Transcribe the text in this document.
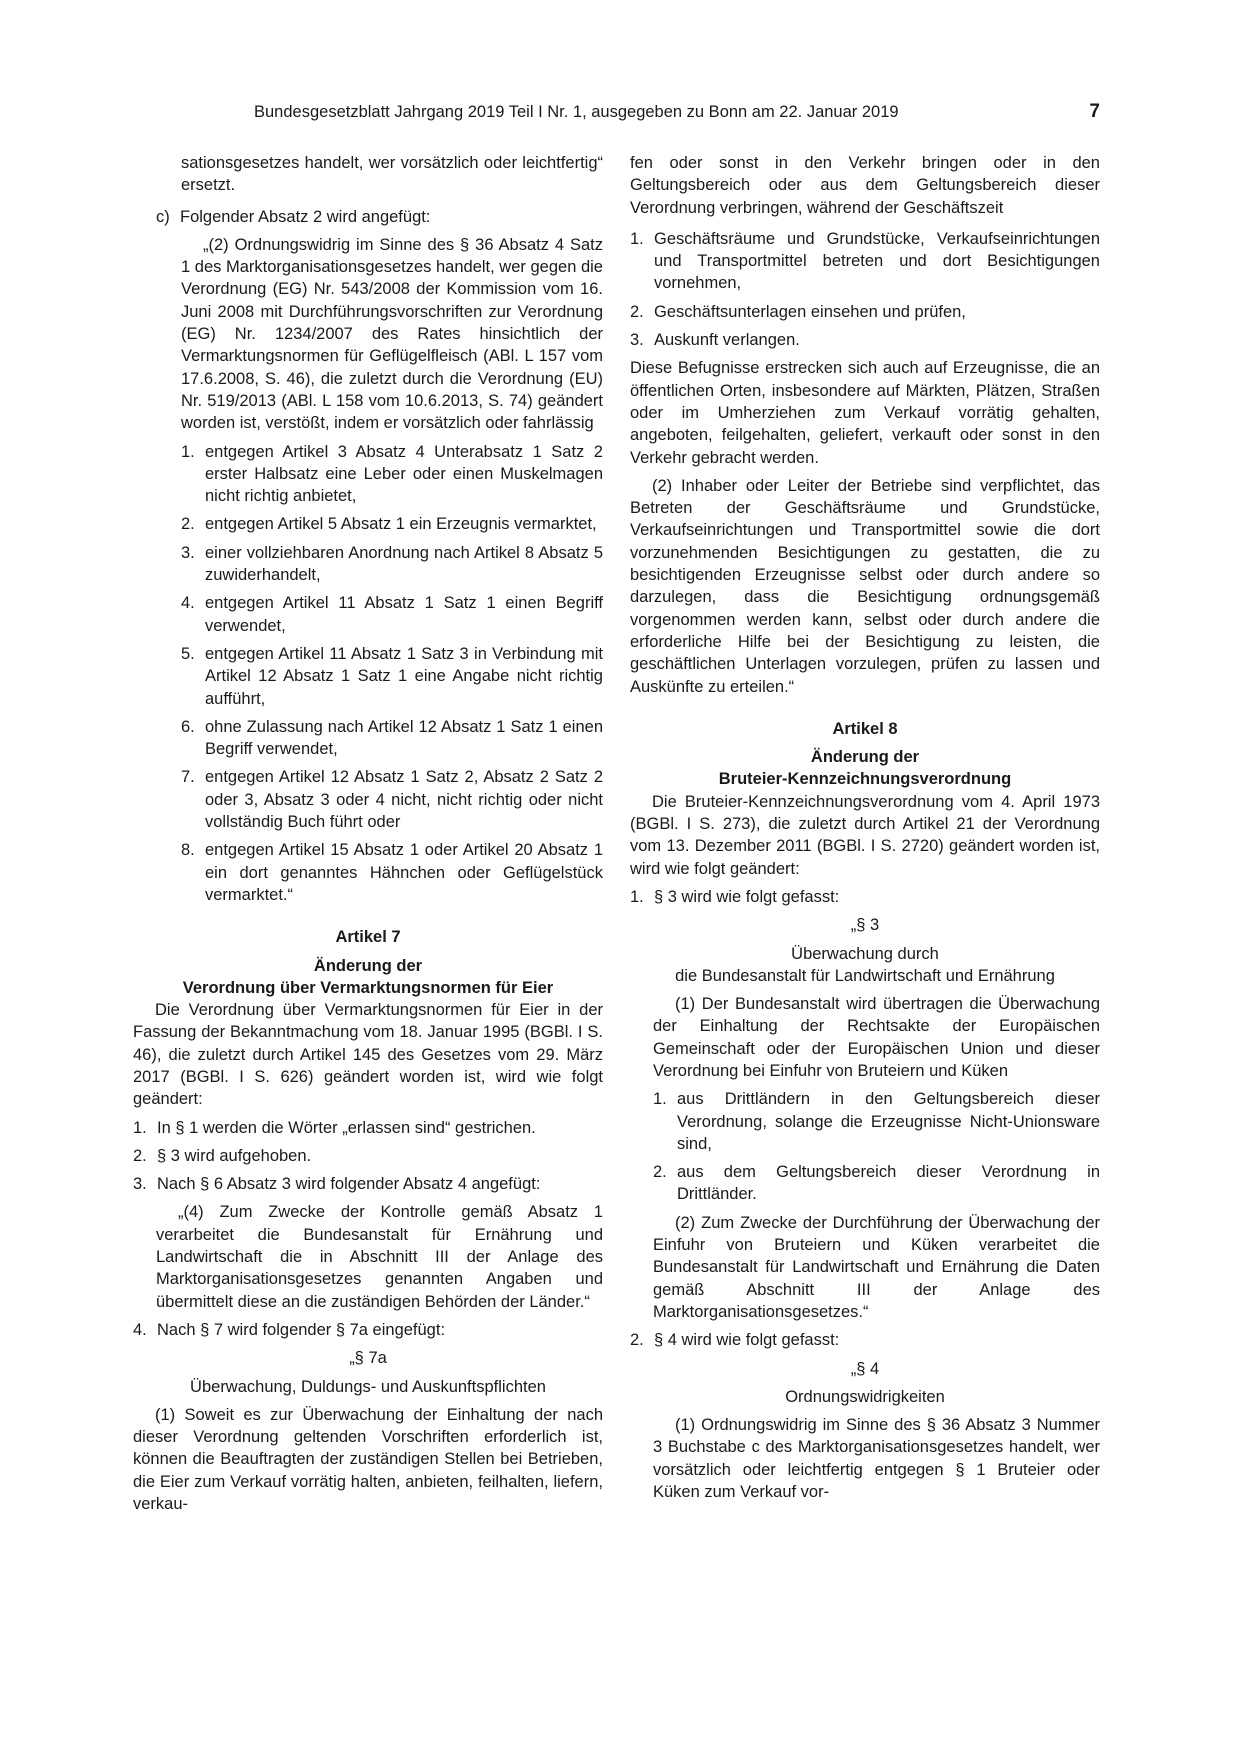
Bundesgesetzblatt Jahrgang 2019 Teil I Nr. 1, ausgegeben zu Bonn am 22. Januar 2019	7

sationsgesetzes handelt, wer vorsätzlich oder leichtfertig“ ersetzt.

c) Folgender Absatz 2 wird angefügt:

„(2) Ordnungswidrig im Sinne des § 36 Absatz 4 Satz 1 des Marktorganisationsgesetzes handelt, wer gegen die Verordnung (EG) Nr. 543/2008 der Kommission vom 16. Juni 2008 mit Durchführungsvorschriften zur Verordnung (EG) Nr. 1234/2007 des Rates hinsichtlich der Vermarktungsnormen für Geflügelfleisch (ABl. L 157 vom 17.6.2008, S. 46), die zuletzt durch die Verordnung (EU) Nr. 519/2013 (ABl. L 158 vom 10.6.2013, S. 74) geändert worden ist, verstößt, indem er vorsätzlich oder fahrlässig

1. entgegen Artikel 3 Absatz 4 Unterabsatz 1 Satz 2 erster Halbsatz eine Leber oder einen Muskelmagen nicht richtig anbietet,
2. entgegen Artikel 5 Absatz 1 ein Erzeugnis vermarktet,
3. einer vollziehbaren Anordnung nach Artikel 8 Absatz 5 zuwiderhandelt,
4. entgegen Artikel 11 Absatz 1 Satz 1 einen Begriff verwendet,
5. entgegen Artikel 11 Absatz 1 Satz 3 in Verbindung mit Artikel 12 Absatz 1 Satz 1 eine Angabe nicht richtig aufführt,
6. ohne Zulassung nach Artikel 12 Absatz 1 Satz 1 einen Begriff verwendet,
7. entgegen Artikel 12 Absatz 1 Satz 2, Absatz 2 Satz 2 oder 3, Absatz 3 oder 4 nicht, nicht richtig oder nicht vollständig Buch führt oder
8. entgegen Artikel 15 Absatz 1 oder Artikel 20 Absatz 1 ein dort genanntes Hähnchen oder Geflügelstück vermarktet.“

Artikel 7

Änderung der

Verordnung über Vermarktungsnormen für Eier

Die Verordnung über Vermarktungsnormen für Eier in der Fassung der Bekanntmachung vom 18. Januar 1995 (BGBl. I S. 46), die zuletzt durch Artikel 145 des Gesetzes vom 29. März 2017 (BGBl. I S. 626) geändert worden ist, wird wie folgt geändert:

1. In § 1 werden die Wörter „erlassen sind“ gestrichen.
2. § 3 wird aufgehoben.
3. Nach § 6 Absatz 3 wird folgender Absatz 4 angefügt:

„(4) Zum Zwecke der Kontrolle gemäß Absatz 1 verarbeitet die Bundesanstalt für Ernährung und Landwirtschaft die in Abschnitt III der Anlage des Marktorganisationsgesetzes genannten Angaben und übermittelt diese an die zuständigen Behörden der Länder.“

4. Nach § 7 wird folgender § 7a eingefügt:

„§ 7a

Überwachung, Duldungs- und Auskunftspflichten

(1) Soweit es zur Überwachung der Einhaltung der nach dieser Verordnung geltenden Vorschriften erforderlich ist, können die Beauftragten der zuständigen Stellen bei Betrieben, die Eier zum Verkauf vorrätig halten, anbieten, feilhalten, liefern, verkau-

fen oder sonst in den Verkehr bringen oder in den Geltungsbereich oder aus dem Geltungsbereich dieser Verordnung verbringen, während der Geschäftszeit

1. Geschäftsräume und Grundstücke, Verkaufseinrichtungen und Transportmittel betreten und dort Besichtigungen vornehmen,
2. Geschäftsunterlagen einsehen und prüfen,
3. Auskunft verlangen.

Diese Befugnisse erstrecken sich auch auf Erzeugnisse, die an öffentlichen Orten, insbesondere auf Märkten, Plätzen, Straßen oder im Umherziehen zum Verkauf vorrätig gehalten, angeboten, feilgehalten, geliefert, verkauft oder sonst in den Verkehr gebracht werden.

(2) Inhaber oder Leiter der Betriebe sind verpflichtet, das Betreten der Geschäftsräume und Grundstücke, Verkaufseinrichtungen und Transportmittel sowie die dort vorzunehmenden Besichtigungen zu gestatten, die zu besichtigenden Erzeugnisse selbst oder durch andere so darzulegen, dass die Besichtigung ordnungsgemäß vorgenommen werden kann, selbst oder durch andere die erforderliche Hilfe bei der Besichtigung zu leisten, die geschäftlichen Unterlagen vorzulegen, prüfen zu lassen und Auskünfte zu erteilen.“

Artikel 8

Änderung der

Bruteier-Kennzeichnungsverordnung

Die Bruteier-Kennzeichnungsverordnung vom 4. April 1973 (BGBl. I S. 273), die zuletzt durch Artikel 21 der Verordnung vom 13. Dezember 2011 (BGBl. I S. 2720) geändert worden ist, wird wie folgt geändert:

1. § 3 wird wie folgt gefasst:

„§ 3

Überwachung durch

die Bundesanstalt für Landwirtschaft und Ernährung

(1) Der Bundesanstalt wird übertragen die Überwachung der Einhaltung der Rechtsakte der Europäischen Gemeinschaft oder der Europäischen Union und dieser Verordnung bei Einfuhr von Bruteiern und Küken

1. aus Drittländern in den Geltungsbereich dieser Verordnung, solange die Erzeugnisse Nicht-Unionsware sind,
2. aus dem Geltungsbereich dieser Verordnung in Drittländer.

(2) Zum Zwecke der Durchführung der Überwachung der Einfuhr von Bruteiern und Küken verarbeitet die Bundesanstalt für Landwirtschaft und Ernährung die Daten gemäß Abschnitt III der Anlage des Marktorganisationsgesetzes.“

2. § 4 wird wie folgt gefasst:

„§ 4

Ordnungswidrigkeiten

(1) Ordnungswidrig im Sinne des § 36 Absatz 3 Nummer 3 Buchstabe c des Marktorganisationsgesetzes handelt, wer vorsätzlich oder leichtfertig entgegen § 1 Bruteier oder Küken zum Verkauf vor-
